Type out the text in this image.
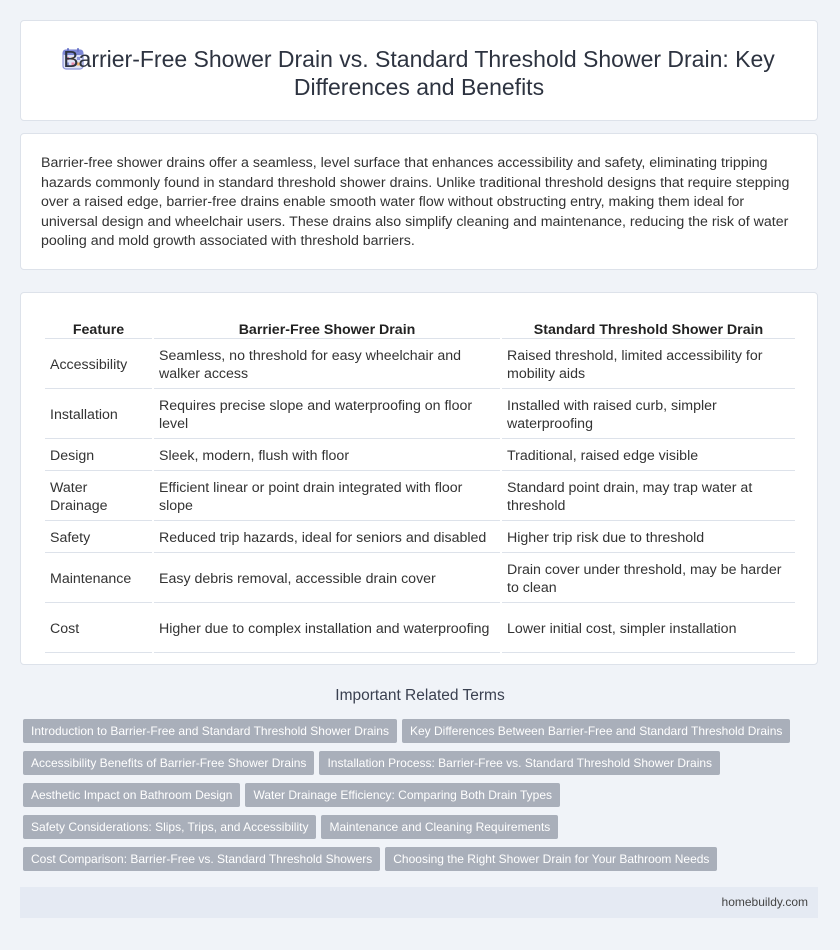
Barrier-Free Shower Drain vs. Standard Threshold Shower Drain: Key Differences and Benefits

Barrier-free shower drains offer a seamless, level surface that enhances accessibility and safety, eliminating tripping hazards commonly found in standard threshold shower drains. Unlike traditional threshold designs that require stepping over a raised edge, barrier-free drains enable smooth water flow without obstructing entry, making them ideal for universal design and wheelchair users. These drains also simplify cleaning and maintenance, reducing the risk of water pooling and mold growth associated with threshold barriers.

Feature	Barrier-Free Shower Drain	Standard Threshold Shower Drain
Accessibility	Seamless, no threshold for easy wheelchair and walker access	Raised threshold, limited accessibility for mobility aids
Installation	Requires precise slope and waterproofing on floor level	Installed with raised curb, simpler waterproofing
Design	Sleek, modern, flush with floor	Traditional, raised edge visible
Water Drainage	Efficient linear or point drain integrated with floor slope	Standard point drain, may trap water at threshold
Safety	Reduced trip hazards, ideal for seniors and disabled	Higher trip risk due to threshold
Maintenance	Easy debris removal, accessible drain cover	Drain cover under threshold, may be harder to clean
Cost	Higher due to complex installation and waterproofing	Lower initial cost, simpler installation
Important Related Terms
Introduction to Barrier-Free and Standard Threshold Shower Drains Key Differences Between Barrier-Free and Standard Threshold Drains
Accessibility Benefits of Barrier-Free Shower Drains Installation Process: Barrier-Free vs. Standard Threshold Shower Drains
Aesthetic Impact on Bathroom Design Water Drainage Efficiency: Comparing Both Drain Types
Safety Considerations: Slips, Trips, and Accessibility Maintenance and Cleaning Requirements
Cost Comparison: Barrier-Free vs. Standard Threshold Showers Choosing the Right Shower Drain for Your Bathroom Needs
homebuildy.com
